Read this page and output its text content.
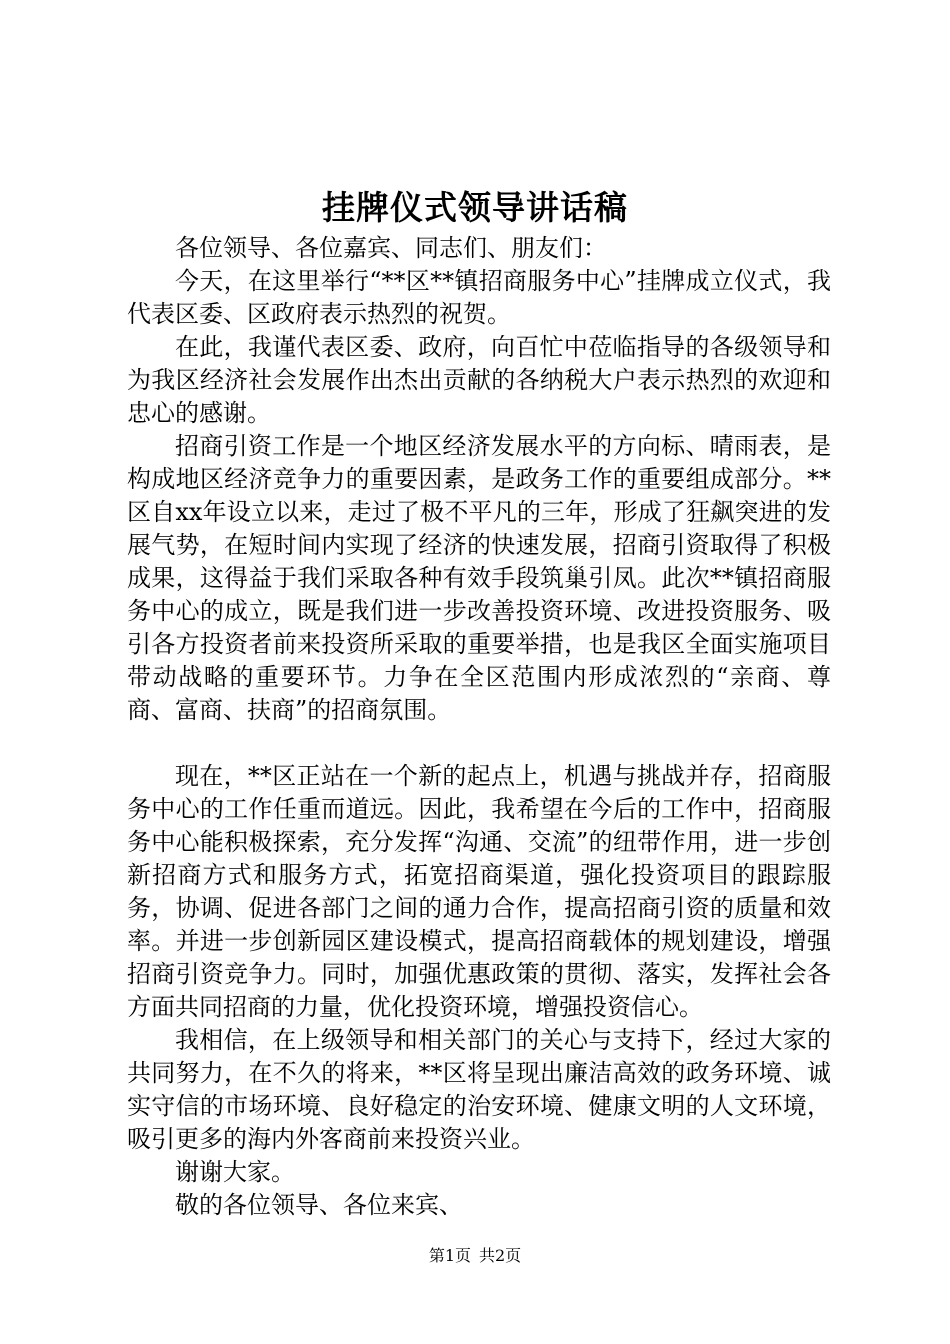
挂牌仪式领导讲话稿

各位领导、各位嘉宾、同志们、朋友们：

今天，在这里举行“**区**镇招商服务中心”挂牌成立仪式，我代表区委、区政府表示热烈的祝贺。

在此，我谨代表区委、政府，向百忙中莅临指导的各级领导和为我区经济社会发展作出杰出贡献的各纳税大户表示热烈的欢迎和忠心的感谢。

招商引资工作是一个地区经济发展水平的方向标、晴雨表，是构成地区经济竞争力的重要因素，是政务工作的重要组成部分。**区自xx年设立以来，走过了极不平凡的三年，形成了狂飙突进的发展气势，在短时间内实现了经济的快速发展，招商引资取得了积极成果，这得益于我们采取各种有效手段筑巢引凤。此次**镇招商服务中心的成立，既是我们进一步改善投资环境、改进投资服务、吸引各方投资者前来投资所采取的重要举措，也是我区全面实施项目带动战略的重要环节。力争在全区范围内形成浓烈的“亲商、尊商、富商、扶商”的招商氛围。

现在，**区正站在一个新的起点上，机遇与挑战并存，招商服务中心的工作任重而道远。因此，我希望在今后的工作中，招商服务中心能积极探索，充分发挥“沟通、交流”的纽带作用，进一步创新招商方式和服务方式，拓宽招商渠道，强化投资项目的跟踪服务，协调、促进各部门之间的通力合作，提高招商引资的质量和效率。并进一步创新园区建设模式，提高招商载体的规划建设，增强招商引资竞争力。同时，加强优惠政策的贯彻、落实，发挥社会各方面共同招商的力量，优化投资环境，增强投资信心。

我相信，在上级领导和相关部门的关心与支持下，经过大家的共同努力，在不久的将来，**区将呈现出廉洁高效的政务环境、诚实守信的市场环境、良好稳定的治安环境、健康文明的人文环境，吸引更多的海内外客商前来投资兴业。

谢谢大家。

敬的各位领导、各位来宾、

第1页 共2页
